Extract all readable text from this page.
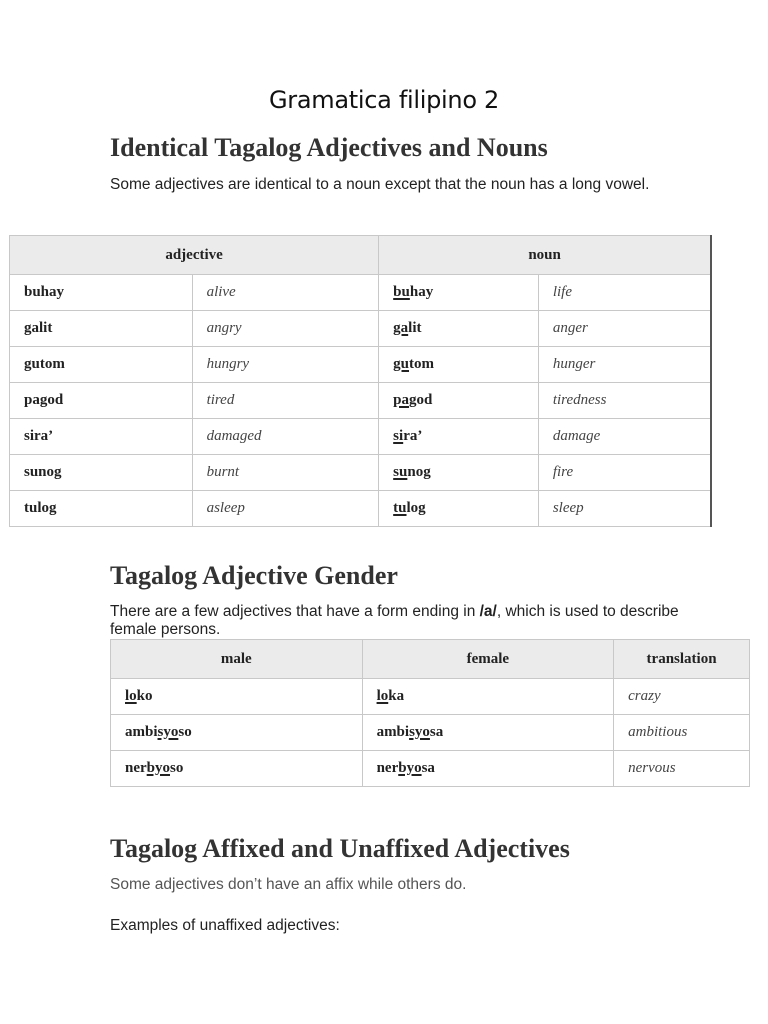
Gramatica filipino 2
Identical Tagalog Adjectives and Nouns

Some adjectives are identical to a noun except that the noun has a long vowel.

adjective		noun	
buhay	alive	buhay	life
galit	angry	galit	anger
gutom	hungry	gutom	hunger
pagod	tired	pagod	tiredness
sira’	damaged	sira’	damage
sunog	burnt	sunog	fire
tulog	asleep	tulog	sleep
Tagalog Adjective Gender

There are a few adjectives that have a form ending in /a/, which is used to describe female persons.

male	female	translation
loko	loka	crazy
ambisyoso	ambisyosa	ambitious
nerbyoso	nerbyosa	nervous
Tagalog Affixed and Unaffixed Adjectives

Some adjectives don’t have an affix while others do.

Examples of unaffixed adjectives:
